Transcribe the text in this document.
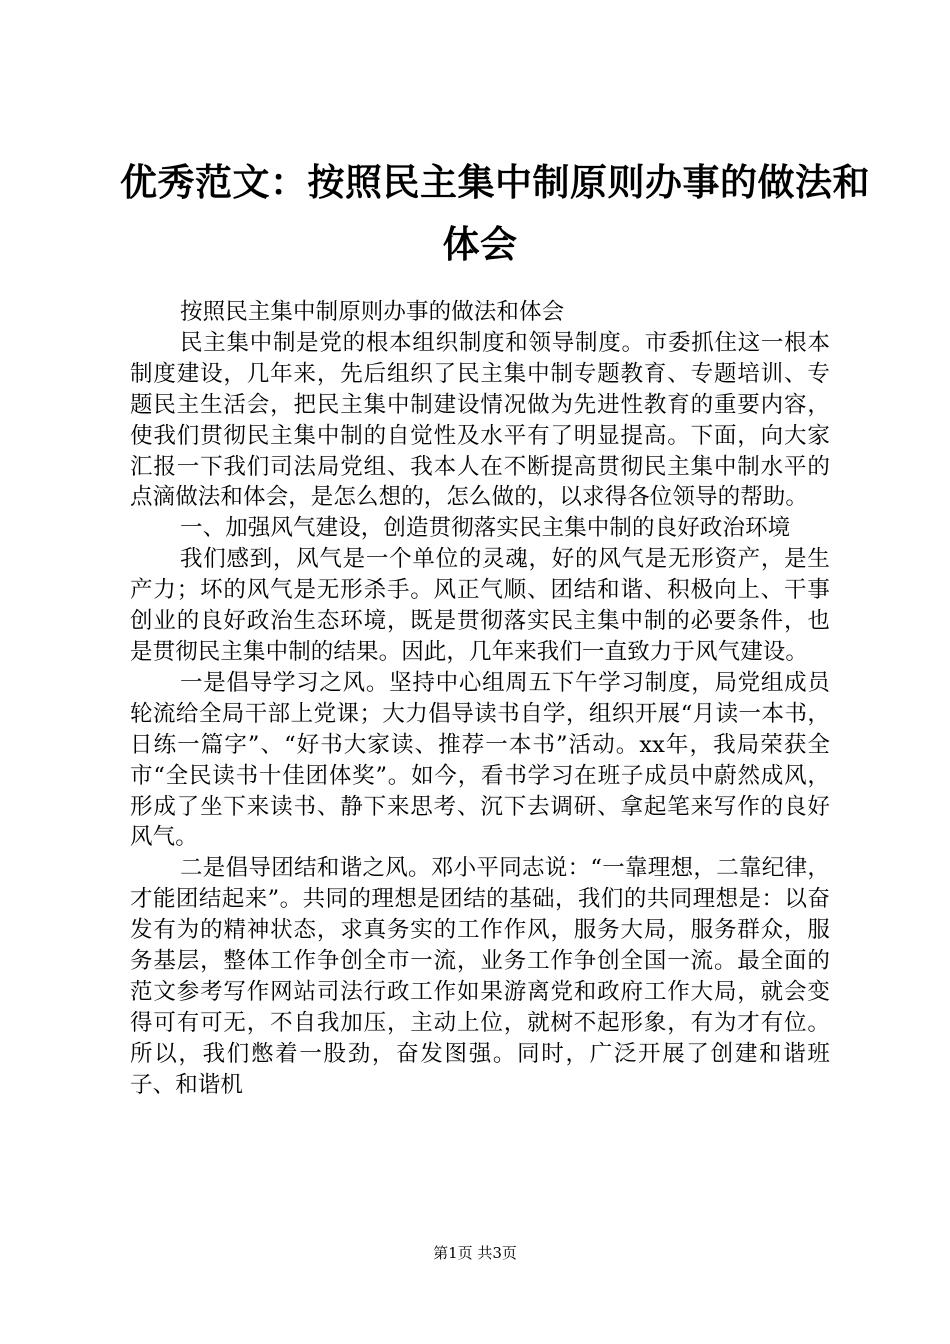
优秀范文：按照民主集中制原则办事的做法和
体会

按照民主集中制原则办事的做法和体会

民主集中制是党的根本组织制度和领导制度。市委抓住这一根本制度建设，几年来，先后组织了民主集中制专题教育、专题培训、专题民主生活会，把民主集中制建设情况做为先进性教育的重要内容，使我们贯彻民主集中制的自觉性及水平有了明显提高。下面，向大家汇报一下我们司法局党组、我本人在不断提高贯彻民主集中制水平的点滴做法和体会，是怎么想的，怎么做的，以求得各位领导的帮助。

一、加强风气建设，创造贯彻落实民主集中制的良好政治环境

我们感到，风气是一个单位的灵魂，好的风气是无形资产，是生产力；坏的风气是无形杀手。风正气顺、团结和谐、积极向上、干事创业的良好政治生态环境，既是贯彻落实民主集中制的必要条件，也是贯彻民主集中制的结果。因此，几年来我们一直致力于风气建设。

一是倡导学习之风。坚持中心组周五下午学习制度，局党组成员轮流给全局干部上党课；大力倡导读书自学，组织开展“月读一本书，日练一篇字”、“好书大家读、推荐一本书”活动。xx年，我局荣获全市“全民读书十佳团体奖”。如今，看书学习在班子成员中蔚然成风，形成了坐下来读书、静下来思考、沉下去调研、拿起笔来写作的良好风气。

二是倡导团结和谐之风。邓小平同志说：“一靠理想，二靠纪律，才能团结起来”。共同的理想是团结的基础，我们的共同理想是：以奋发有为的精神状态，求真务实的工作作风，服务大局，服务群众，服务基层，整体工作争创全市一流，业务工作争创全国一流。最全面的范文参考写作网站司法行政工作如果游离党和政府工作大局，就会变得可有可无，不自我加压，主动上位，就树不起形象，有为才有位。所以，我们憋着一股劲，奋发图强。同时，广泛开展了创建和谐班子、和谐机

第1页 共3页
